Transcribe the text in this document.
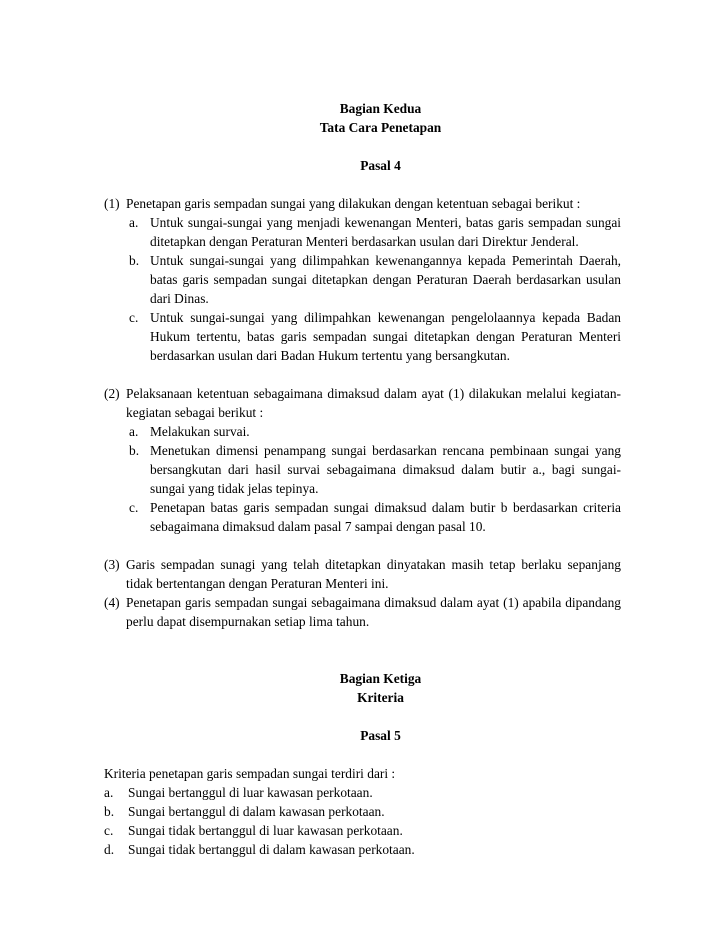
Bagian Kedua

Tata Cara Penetapan

Pasal 4

(1) Penetapan garis sempadan sungai yang dilakukan dengan ketentuan sebagai berikut :
a. Untuk sungai-sungai yang menjadi kewenangan Menteri, batas garis sempadan sungai ditetapkan dengan Peraturan Menteri berdasarkan usulan dari Direktur Jenderal.
b. Untuk sungai-sungai yang dilimpahkan kewenangannya kepada Pemerintah Daerah, batas garis sempadan sungai ditetapkan dengan Peraturan Daerah berdasarkan usulan dari Dinas.
c. Untuk sungai-sungai yang dilimpahkan kewenangan pengelolaannya kepada Badan Hukum tertentu, batas garis sempadan sungai ditetapkan dengan Peraturan Menteri berdasarkan usulan dari Badan Hukum tertentu yang bersangkutan.
(2) Pelaksanaan ketentuan sebagaimana dimaksud dalam ayat (1) dilakukan melalui kegiatan-kegiatan sebagai berikut :
a. Melakukan survai.
b. Menetukan dimensi penampang sungai berdasarkan rencana pembinaan sungai yang bersangkutan dari hasil survai sebagaimana dimaksud dalam butir a., bagi sungai-sungai yang tidak jelas tepinya.
c. Penetapan batas garis sempadan sungai dimaksud dalam butir b berdasarkan criteria sebagaimana dimaksud dalam pasal 7 sampai dengan pasal 10.
(3) Garis sempadan sunagi yang telah ditetapkan dinyatakan masih tetap berlaku sepanjang tidak bertentangan dengan Peraturan Menteri ini.
(4) Penetapan garis sempadan sungai sebagaimana dimaksud dalam ayat (1) apabila dipandang perlu dapat disempurnakan setiap lima tahun.

Bagian Ketiga

Kriteria

Pasal 5

Kriteria penetapan garis sempadan sungai terdiri dari :

a. Sungai bertanggul di luar kawasan perkotaan.
b. Sungai bertanggul di dalam kawasan perkotaan.
c. Sungai tidak bertanggul di luar kawasan perkotaan.
d. Sungai tidak bertanggul di dalam kawasan perkotaan.
